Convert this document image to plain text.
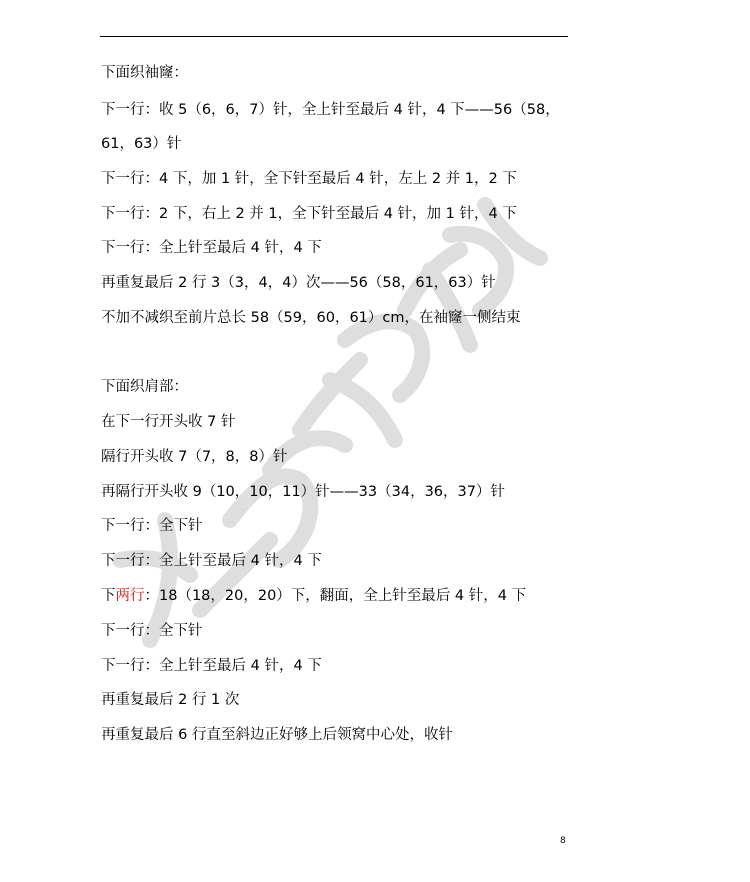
下面织袖窿：
下一行：收 5（6，6，7）针，全上针至最后 4 针，4 下——56（58，
61，63）针
下一行：4 下，加 1 针，全下针至最后 4 针，左上 2 并 1，2 下
下一行：2 下，右上 2 并 1，全下针至最后 4 针，加 1 针，4 下
下一行：全上针至最后 4 针，4 下
再重复最后 2 行 3（3，4，4）次——56（58，61，63）针
不加不减织至前片总长 58（59，60，61）cm，在袖窿一侧结束
下面织肩部：
在下一行开头收 7 针
隔行开头收 7（7，8，8）针
再隔行开头收 9（10，10，11）针——33（34，36，37）针
下一行：全下针
下一行：全上针至最后 4 针，4 下
下两行：18（18，20，20）下，翻面，全上针至最后 4 针，4 下
下一行：全下针
下一行：全上针至最后 4 针，4 下
再重复最后 2 行 1 次
再重复最后 6 行直至斜边正好够上后领窝中心处，收针
8
